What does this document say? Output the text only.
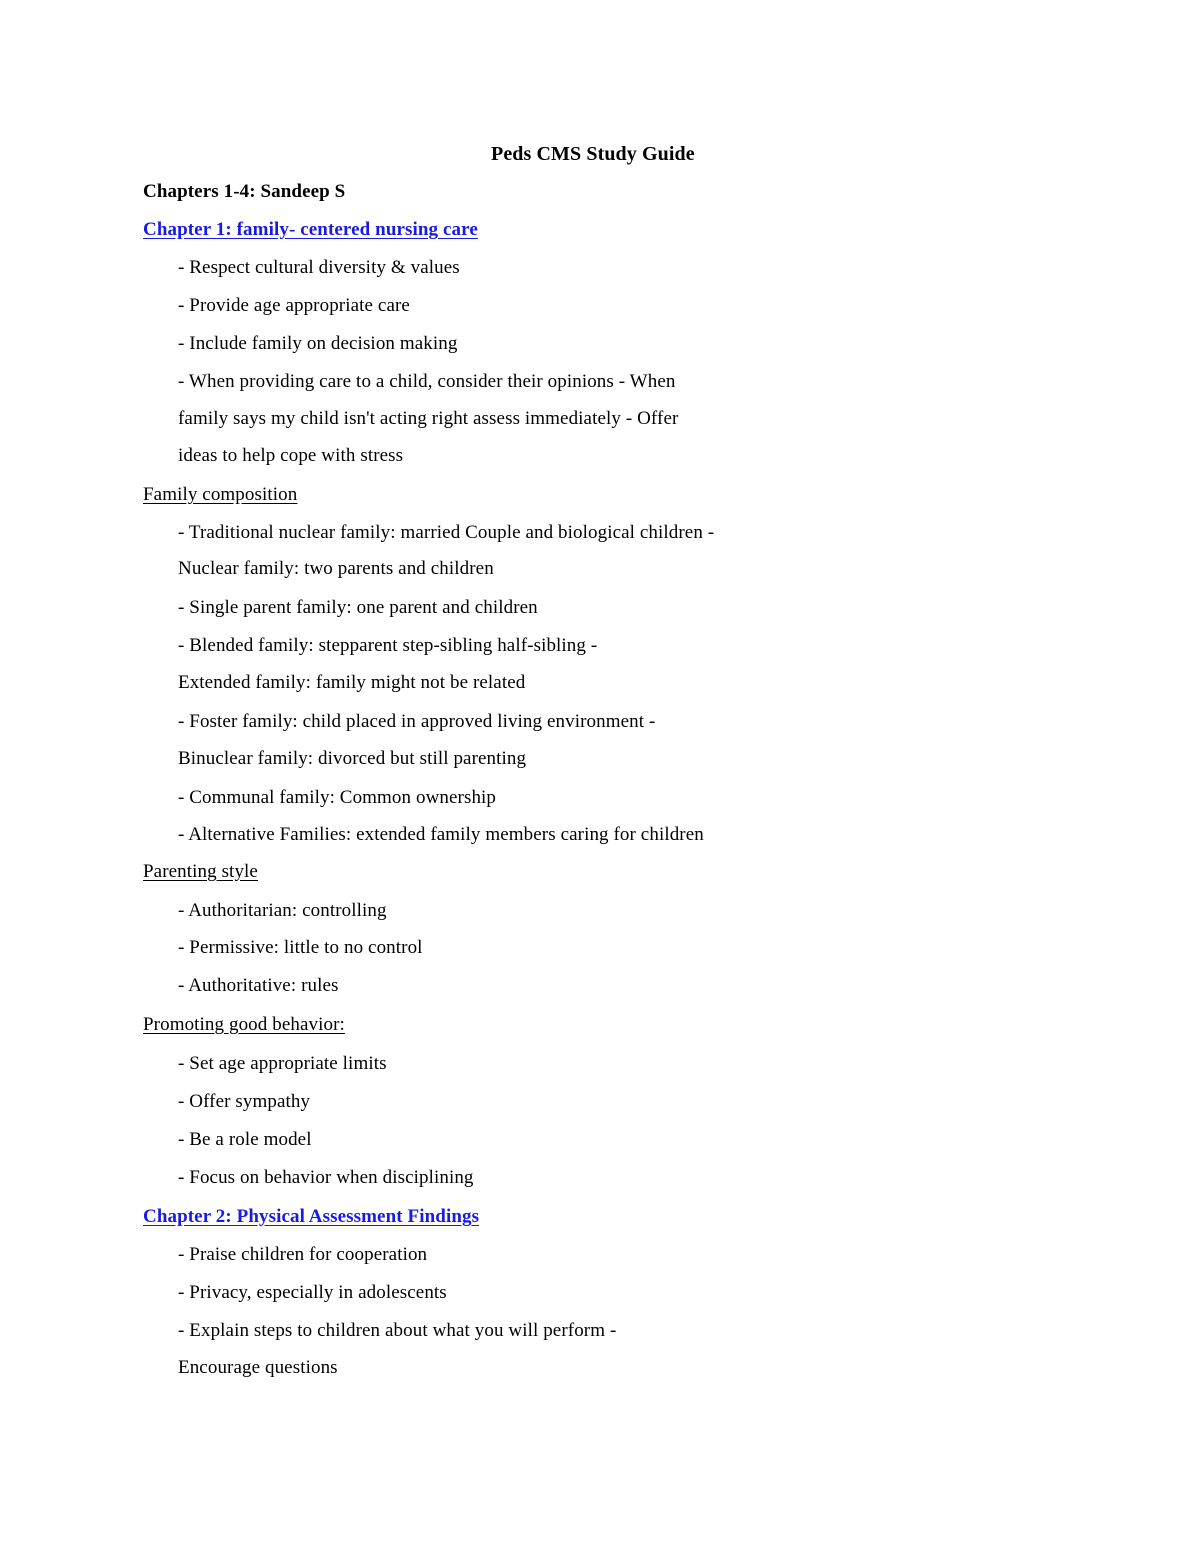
Peds CMS Study Guide
Chapters 1-4: Sandeep S
Chapter 1: family- centered nursing care
- Respect cultural diversity & values
- Provide age appropriate care
- Include family on decision making
- When providing care to a child, consider their opinions - When
family says my child isn't acting right assess immediately - Offer
ideas to help cope with stress
Family composition
- Traditional nuclear family: married Couple and biological children -
Nuclear family: two parents and children
- Single parent family: one parent and children
- Blended family: stepparent step-sibling half-sibling -
Extended family: family might not be related
- Foster family: child placed in approved living environment -
Binuclear family: divorced but still parenting
- Communal family: Common ownership
- Alternative Families: extended family members caring for children
Parenting style
- Authoritarian: controlling
- Permissive: little to no control
- Authoritative: rules
Promoting good behavior:
- Set age appropriate limits
- Offer sympathy
- Be a role model
- Focus on behavior when disciplining
Chapter 2: Physical Assessment Findings
- Praise children for cooperation
- Privacy, especially in adolescents
- Explain steps to children about what you will perform -
Encourage questions
